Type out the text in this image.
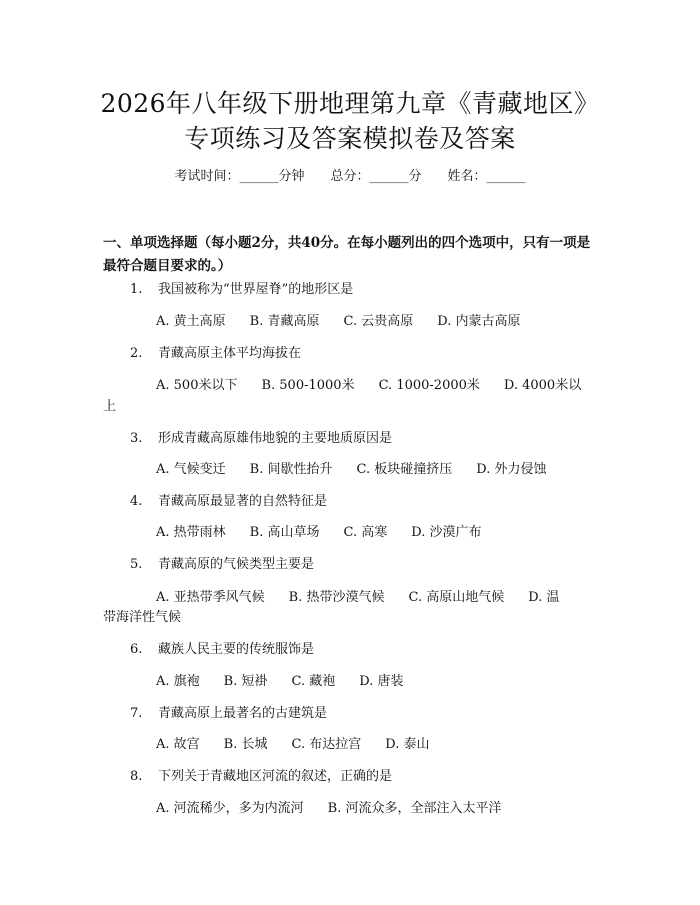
2026年八年级下册地理第九章《青藏地区》
专项练习及答案模拟卷及答案
考试时间：______分钟 总分：______分 姓名：______
一、单项选择题（每小题2分，共40分。在每小题列出的四个选项中，只有一项是最符合题目要求的。）
1. 我国被称为“世界屋脊”的地形区是
A. 黄土高原 B. 青藏高原 C. 云贵高原 D. 内蒙古高原
2. 青藏高原主体平均海拔在
A. 500米以下 B. 500-1000米 C. 1000-2000米 D. 4000米以
上
3. 形成青藏高原雄伟地貌的主要地质原因是
A. 气候变迁 B. 间歇性抬升 C. 板块碰撞挤压 D. 外力侵蚀
4. 青藏高原最显著的自然特征是
A. 热带雨林 B. 高山草场 C. 高寒 D. 沙漠广布
5. 青藏高原的气候类型主要是
A. 亚热带季风气候 B. 热带沙漠气候 C. 高原山地气候 D. 温
带海洋性气候
6. 藏族人民主要的传统服饰是
A. 旗袍 B. 短褂 C. 藏袍 D. 唐装
7. 青藏高原上最著名的古建筑是
A. 故宫 B. 长城 C. 布达拉宫 D. 泰山
8. 下列关于青藏地区河流的叙述，正确的是
A. 河流稀少，多为内流河 B. 河流众多，全部注入太平洋
